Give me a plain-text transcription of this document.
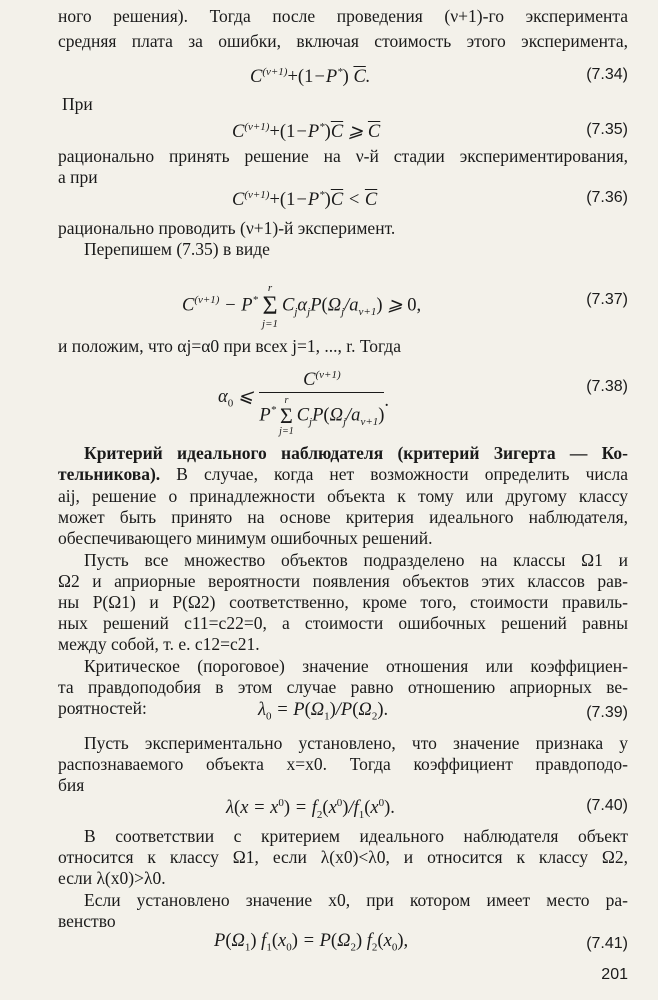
ного решения). Тогда после проведения (ν+1)-го эксперимента
средняя плата за ошибки, включая стоимость этого эксперимента,
$C^{(\nu+1)}+(1-P^*)$ $\overline{C}$.	(7.34)
При
$C^{(\nu+1)}+(1-P^*)\overline{C}$ ⩾ $\overline{C}$	(7.35)
рационально принять решение на ν-й стадии экспериментирования,
а при
$C^{(\nu+1)}+(1-P^*)\overline{C} < \overline{C}$	(7.36)
рационально проводить (ν+1)-й эксперимент.
Перепишем (7.35) в виде
$C^{(\nu+1)} - P^*$
r
Σ
j=1
$C_j\alpha_jP(\Omega_j/a_{\nu+1})$ ⩾ 0,	(7.37)
и положим, что αj=α0 при всех j=1, ..., r. Тогда
$\alpha_0$ ⩽
$C^{(\nu+1)}$
P*
r
Σ
j=1
$C_jP(\Omega_j/a_{\nu+1})$
.
(7.38)
Критерий идеального наблюдателя (критерий Зигерта — Ко-
тельникова). В случае, когда нет возможности определить числа
aij, решение о принадлежности объекта к тому или другому классу
может быть принято на основе критерия идеального наблюдателя,
обеспечивающего минимум ошибочных решений.
Пусть все множество объектов подразделено на классы Ω1 и
Ω2 и априорные вероятности появления объектов этих классов рав-
ны P(Ω1) и P(Ω2) соответственно, кроме того, стоимости правиль-
ных решений c11=c22=0, а стоимости ошибочных решений равны
между собой, т. е. c12=c21.
Критическое (пороговое) значение отношения или коэффициен-
та правдоподобия в этом случае равно отношению априорных ве-
роятностей:	$\lambda_0 = P(\Omega_1)/P(\Omega_2)$.	(7.39)
Пусть экспериментально установлено, что значение признака у
распознаваемого объекта x=x0. Тогда коэффициент правдоподо-
бия
$\lambda(x = x^0) = f_2(x^0)/f_1(x^0)$.	(7.40)
В соответствии с критерием идеального наблюдателя объект
относится к классу Ω1, если λ(x0)<λ0, и относится к классу Ω2,
если λ(x0)>λ0.
Если установлено значение x0, при котором имеет место ра-
венство
$P(\Omega_1) f_1(x_0) = P(\Omega_2)$ $f_2(x_0)$,	(7.41)
201
